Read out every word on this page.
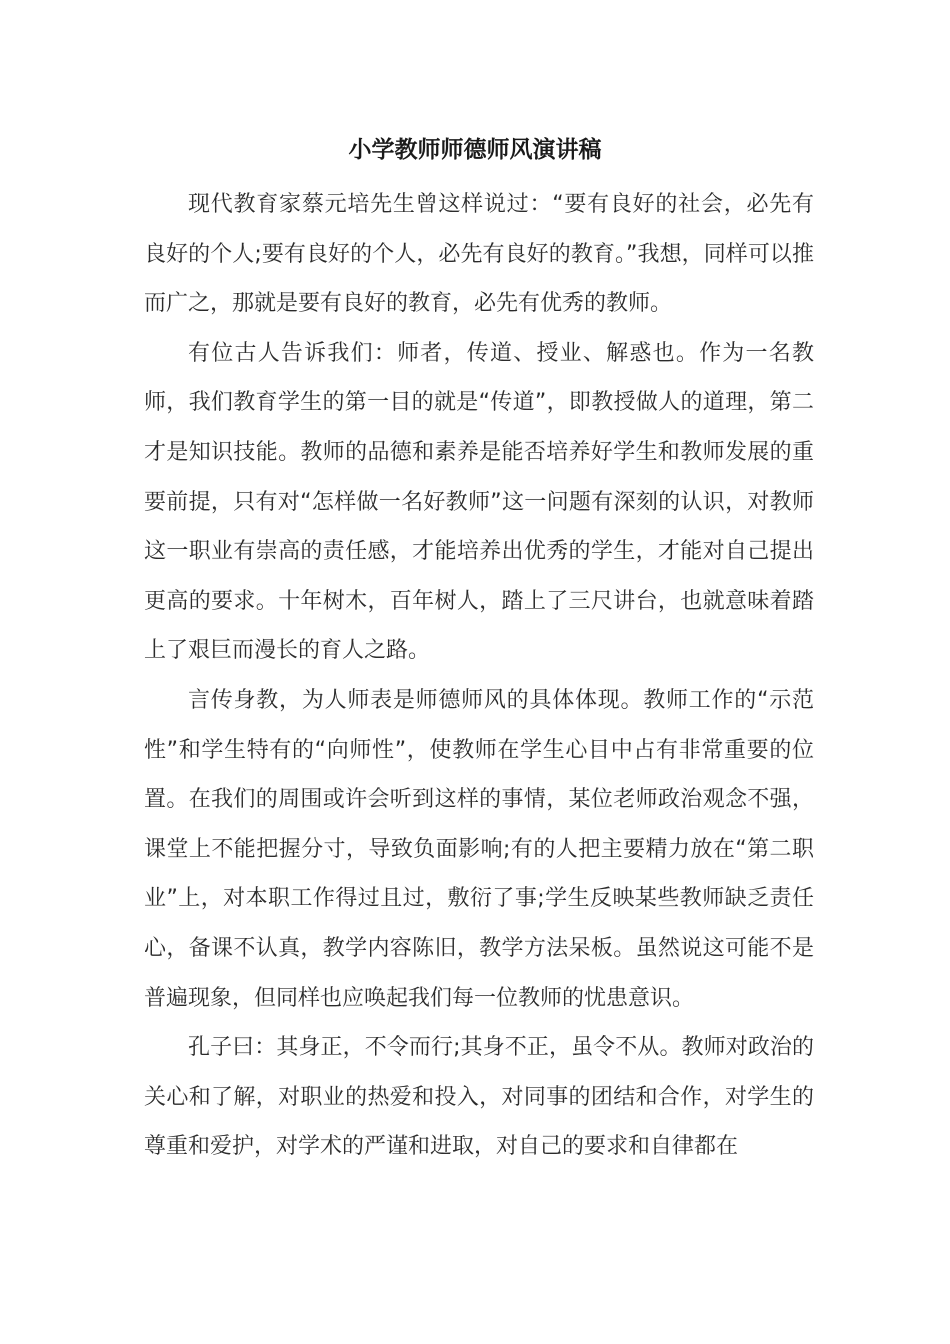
小学教师师德师风演讲稿

现代教育家蔡元培先生曾这样说过：“要有良好的社会，必先有良好的个人;要有良好的个人，必先有良好的教育。”我想，同样可以推而广之，那就是要有良好的教育，必先有优秀的教师。

有位古人告诉我们：师者，传道、授业、解惑也。作为一名教师，我们教育学生的第一目的就是“传道”，即教授做人的道理，第二才是知识技能。教师的品德和素养是能否培养好学生和教师发展的重要前提，只有对“怎样做一名好教师”这一问题有深刻的认识，对教师这一职业有崇高的责任感，才能培养出优秀的学生，才能对自己提出更高的要求。十年树木，百年树人，踏上了三尺讲台，也就意味着踏上了艰巨而漫长的育人之路。

言传身教，为人师表是师德师风的具体体现。教师工作的“示范性”和学生特有的“向师性”，使教师在学生心目中占有非常重要的位置。在我们的周围或许会听到这样的事情，某位老师政治观念不强，课堂上不能把握分寸，导致负面影响;有的人把主要精力放在“第二职业”上，对本职工作得过且过，敷衍了事;学生反映某些教师缺乏责任心，备课不认真，教学内容陈旧，教学方法呆板。虽然说这可能不是普遍现象，但同样也应唤起我们每一位教师的忧患意识。

孔子曰：其身正，不令而行;其身不正，虽令不从。教师对政治的关心和了解，对职业的热爱和投入，对同事的团结和合作，对学生的尊重和爱护，对学术的严谨和进取，对自己的要求和自律都在
